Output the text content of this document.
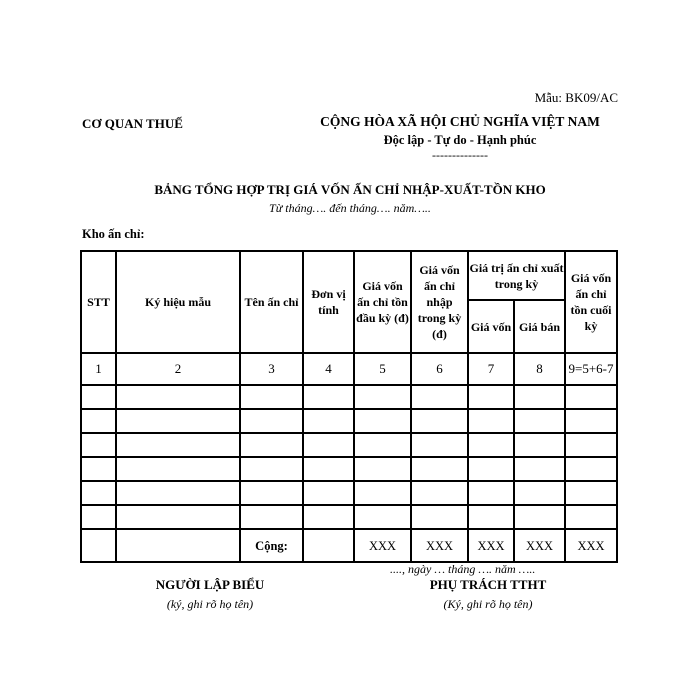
Mẫu: BK09/AC
CƠ QUAN THUẾ	CỘNG HÒA XÃ HỘI CHỦ NGHĨA VIỆT NAM
Độc lập - Tự do - Hạnh phúc
--------------
BẢNG TỔNG HỢP TRỊ GIÁ VỐN ẤN CHỈ NHẬP-XUẤT-TỒN KHO
Từ tháng…. đến tháng…. năm…..
Kho ấn chỉ:
STT	Ký hiệu mẫu	Tên ấn chỉ	Đơn vị tính	Giá vốn ấn chỉ tồn đầu kỳ (đ)	Giá vốn ấn chỉ nhập trong kỳ (đ)	Giá trị ấn chỉ xuất trong kỳ		Giá vốn ấn chỉ tồn cuối kỳ
						Giá vốn	Giá bán	
1	2	3	4	5	6	7	8	9=5+6-7

		Cộng:		XXX	XXX	XXX	XXX	XXX
...., ngày … tháng …. năm …..
NGƯỜI LẬP BIỂU
(ký, ghi rõ họ tên)
PHỤ TRÁCH TTHT
(Ký, ghi rõ họ tên)
